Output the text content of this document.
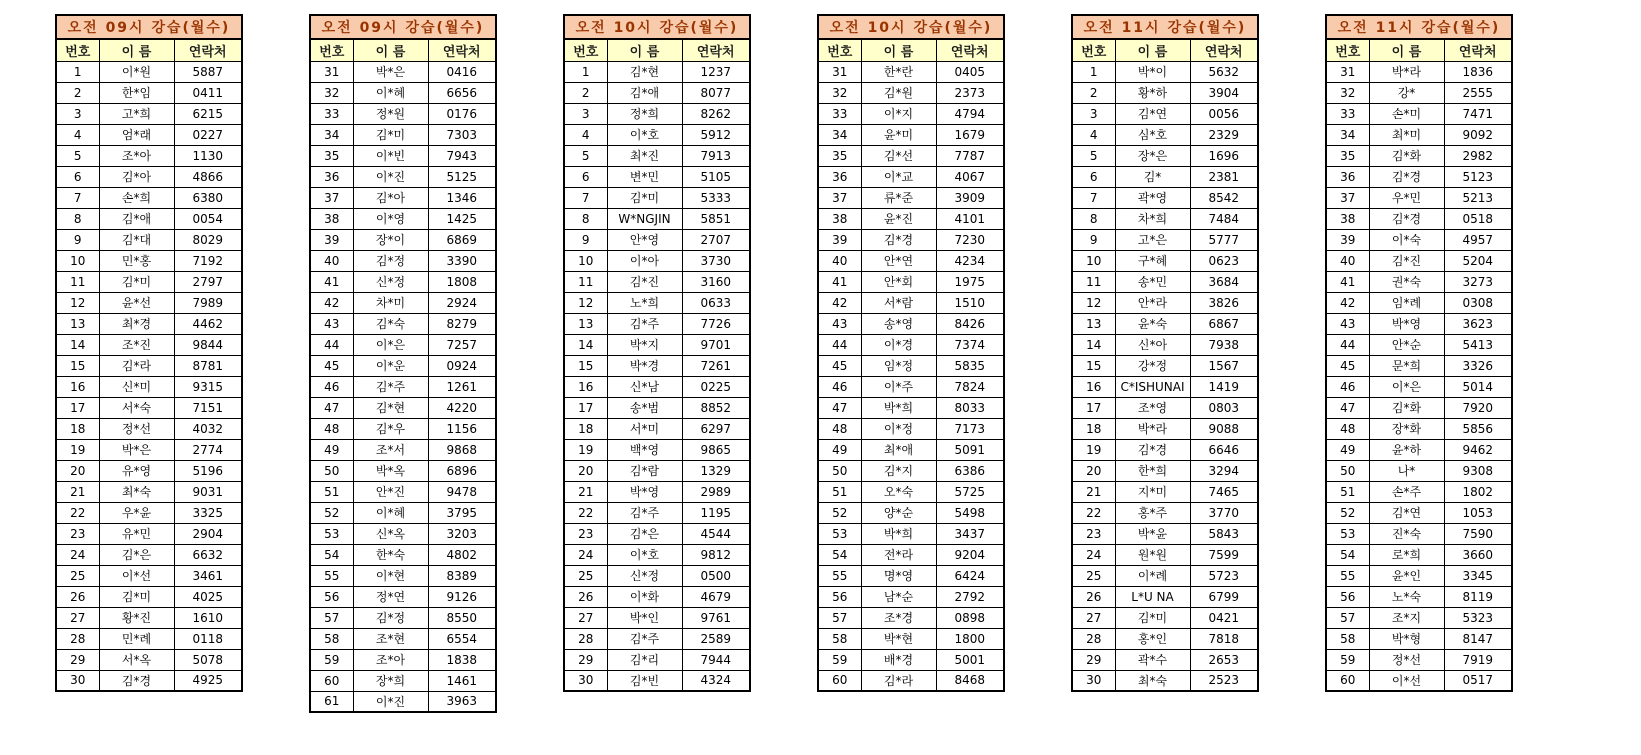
오전 09시 강습(월수)		
번호	이 름	연락처
1	이*원	5887
2	한*임	0411
3	고*희	6215
4	엄*래	0227
5	조*아	1130
6	김*아	4866
7	손*희	6380
8	김*애	0054
9	김*대	8029
10	민*홍	7192
11	김*미	2797
12	윤*선	7989
13	최*경	4462
14	조*진	9844
15	김*라	8781
16	신*미	9315
17	서*숙	7151
18	정*선	4032
19	박*은	2774
20	유*영	5196
21	최*숙	9031
22	우*윤	3325
23	유*민	2904
24	김*은	6632
25	이*선	3461
26	김*미	4025
27	황*진	1610
28	민*례	0118
29	서*옥	5078
30	김*경	4925
오전 09시 강습(월수)		
번호	이 름	연락처
31	박*은	0416
32	이*혜	6656
33	정*원	0176
34	김*미	7303
35	이*빈	7943
36	이*진	5125
37	김*아	1346
38	이*영	1425
39	장*이	6869
40	김*정	3390
41	신*정	1808
42	차*미	2924
43	김*숙	8279
44	이*은	7257
45	이*운	0924
46	김*주	1261
47	김*현	4220
48	김*우	1156
49	조*서	9868
50	박*옥	6896
51	안*진	9478
52	이*혜	3795
53	신*옥	3203
54	한*숙	4802
55	이*현	8389
56	정*연	9126
57	김*정	8550
58	조*현	6554
59	조*아	1838
60	장*희	1461
61	이*진	3963
오전 10시 강습(월수)		
번호	이 름	연락처
1	김*현	1237
2	김*애	8077
3	정*희	8262
4	이*호	5912
5	최*진	7913
6	변*민	5105
7	김*미	5333
8	W*NGJIN	5851
9	안*영	2707
10	이*아	3730
11	김*진	3160
12	노*희	0633
13	김*주	7726
14	박*지	9701
15	박*경	7261
16	신*남	0225
17	송*범	8852
18	서*미	6297
19	백*영	9865
20	김*람	1329
21	박*영	2989
22	김*주	1195
23	김*은	4544
24	이*호	9812
25	신*정	0500
26	이*화	4679
27	박*인	9761
28	김*주	2589
29	김*리	7944
30	김*빈	4324
오전 10시 강습(월수)		
번호	이 름	연락처
31	한*란	0405
32	김*원	2373
33	이*지	4794
34	윤*미	1679
35	김*선	7787
36	이*교	4067
37	류*준	3909
38	윤*진	4101
39	김*경	7230
40	안*연	4234
41	안*회	1975
42	서*람	1510
43	송*영	8426
44	이*경	7374
45	임*정	5835
46	이*주	7824
47	박*희	8033
48	이*정	7173
49	최*애	5091
50	김*지	6386
51	오*숙	5725
52	양*순	5498
53	박*희	3437
54	전*라	9204
55	명*영	6424
56	남*순	2792
57	조*경	0898
58	박*현	1800
59	배*경	5001
60	김*라	8468
오전 11시 강습(월수)		
번호	이 름	연락처
1	박*이	5632
2	황*하	3904
3	김*연	0056
4	심*호	2329
5	장*은	1696
6	김*	2381
7	곽*영	8542
8	차*희	7484
9	고*은	5777
10	구*혜	0623
11	송*민	3684
12	안*라	3826
13	윤*숙	6867
14	신*아	7938
15	강*정	1567
16	C*ISHUNAI	1419
17	조*영	0803
18	박*라	9088
19	김*경	6646
20	한*희	3294
21	지*미	7465
22	홍*주	3770
23	박*윤	5843
24	원*원	7599
25	이*례	5723
26	L*U NA	6799
27	김*미	0421
28	홍*인	7818
29	곽*수	2653
30	최*숙	2523
오전 11시 강습(월수)		
번호	이 름	연락처
31	박*라	1836
32	강*	2555
33	손*미	7471
34	최*미	9092
35	김*화	2982
36	김*경	5123
37	우*민	5213
38	김*경	0518
39	이*숙	4957
40	김*진	5204
41	권*숙	3273
42	임*례	0308
43	박*영	3623
44	안*순	5413
45	문*희	3326
46	이*은	5014
47	김*화	7920
48	장*화	5856
49	윤*하	9462
50	나*	9308
51	손*주	1802
52	김*연	1053
53	진*숙	7590
54	로*희	3660
55	윤*인	3345
56	노*숙	8119
57	조*지	5323
58	박*형	8147
59	정*선	7919
60	이*선	0517
